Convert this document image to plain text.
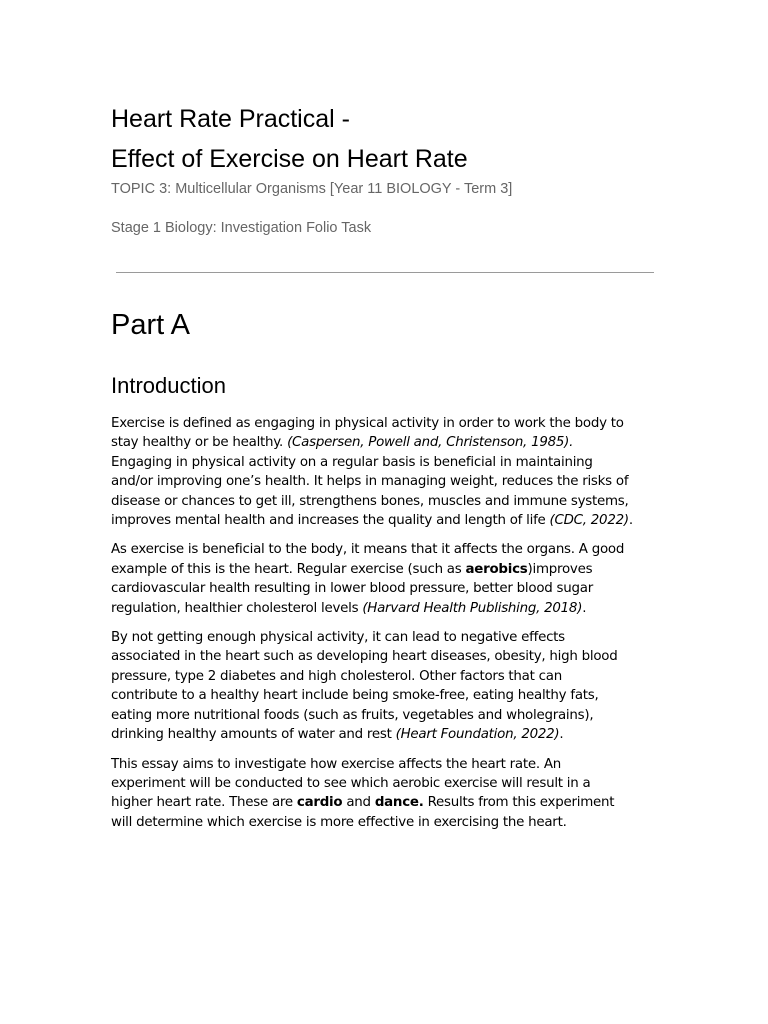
Heart Rate Practical -
Effect of Exercise on Heart Rate

TOPIC 3: Multicellular Organisms [Year 11 BIOLOGY - Term 3]

Stage 1 Biology: Investigation Folio Task

Part A
Introduction

Exercise is defined as engaging in physical activity in order to work the body to
stay healthy or be healthy. (Caspersen, Powell and, Christenson, 1985).
Engaging in physical activity on a regular basis is beneficial in maintaining
and/or improving one’s health. It helps in managing weight, reduces the risks of
disease or chances to get ill, strengthens bones, muscles and immune systems,
improves mental health and increases the quality and length of life (CDC, 2022).

As exercise is beneficial to the body, it means that it affects the organs. A good
example of this is the heart. Regular exercise (such as aerobics)improves
cardiovascular health resulting in lower blood pressure, better blood sugar
regulation, healthier cholesterol levels (Harvard Health Publishing, 2018).

By not getting enough physical activity, it can lead to negative effects
associated in the heart such as developing heart diseases, obesity, high blood
pressure, type 2 diabetes and high cholesterol. Other factors that can
contribute to a healthy heart include being smoke-free, eating healthy fats,
eating more nutritional foods (such as fruits, vegetables and wholegrains),
drinking healthy amounts of water and rest (Heart Foundation, 2022).

This essay aims to investigate how exercise affects the heart rate. An
experiment will be conducted to see which aerobic exercise will result in a
higher heart rate. These are cardio and dance. Results from this experiment
will determine which exercise is more effective in exercising the heart.
